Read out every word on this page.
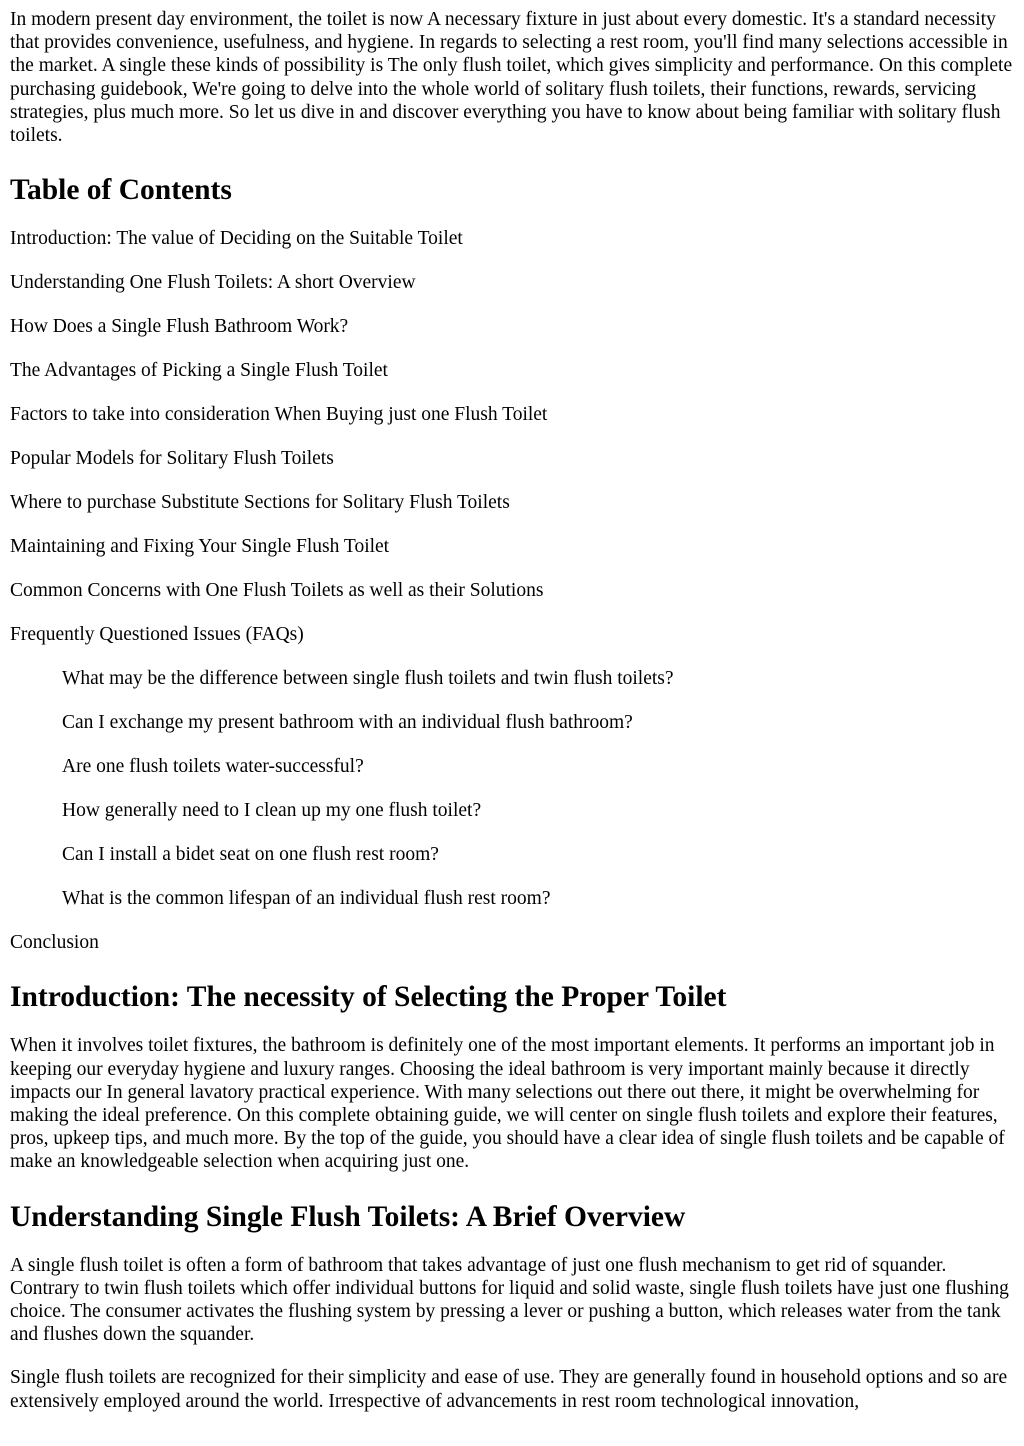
In modern present day environment, the toilet is now A necessary fixture in just about every domestic. It's a standard necessity that provides convenience, usefulness, and hygiene. In regards to selecting a rest room, you'll find many selections accessible in the market. A single these kinds of possibility is The only flush toilet, which gives simplicity and performance. On this complete purchasing guidebook, We're going to delve into the whole world of solitary flush toilets, their functions, rewards, servicing strategies, plus much more. So let us dive in and discover everything you have to know about being familiar with solitary flush toilets.

Table of Contents
Introduction: The value of Deciding on the Suitable Toilet
Understanding One Flush Toilets: A short Overview
How Does a Single Flush Bathroom Work?
The Advantages of Picking a Single Flush Toilet
Factors to take into consideration When Buying just one Flush Toilet
Popular Models for Solitary Flush Toilets
Where to purchase Substitute Sections for Solitary Flush Toilets
Maintaining and Fixing Your Single Flush Toilet
Common Concerns with One Flush Toilets as well as their Solutions
Frequently Questioned Issues (FAQs)
What may be the difference between single flush toilets and twin flush toilets?
Can I exchange my present bathroom with an individual flush bathroom?
Are one flush toilets water-successful?
How generally need to I clean up my one flush toilet?
Can I install a bidet seat on one flush rest room?
What is the common lifespan of an individual flush rest room?
Conclusion
Introduction: The necessity of Selecting the Proper Toilet

When it involves toilet fixtures, the bathroom is definitely one of the most important elements. It performs an important job in keeping our everyday hygiene and luxury ranges. Choosing the ideal bathroom is very important mainly because it directly impacts our In general lavatory practical experience. With many selections out there out there, it might be overwhelming for making the ideal preference. On this complete obtaining guide, we will center on single flush toilets and explore their features, pros, upkeep tips, and much more. By the top of the guide, you should have a clear idea of single flush toilets and be capable of make an knowledgeable selection when acquiring just one.

Understanding Single Flush Toilets: A Brief Overview

A single flush toilet is often a form of bathroom that takes advantage of just one flush mechanism to get rid of squander. Contrary to twin flush toilets which offer individual buttons for liquid and solid waste, single flush toilets have just one flushing choice. The consumer activates the flushing system by pressing a lever or pushing a button, which releases water from the tank and flushes down the squander.

Single flush toilets are recognized for their simplicity and ease of use. They are generally found in household options and so are extensively employed around the world. Irrespective of advancements in rest room technological innovation,
